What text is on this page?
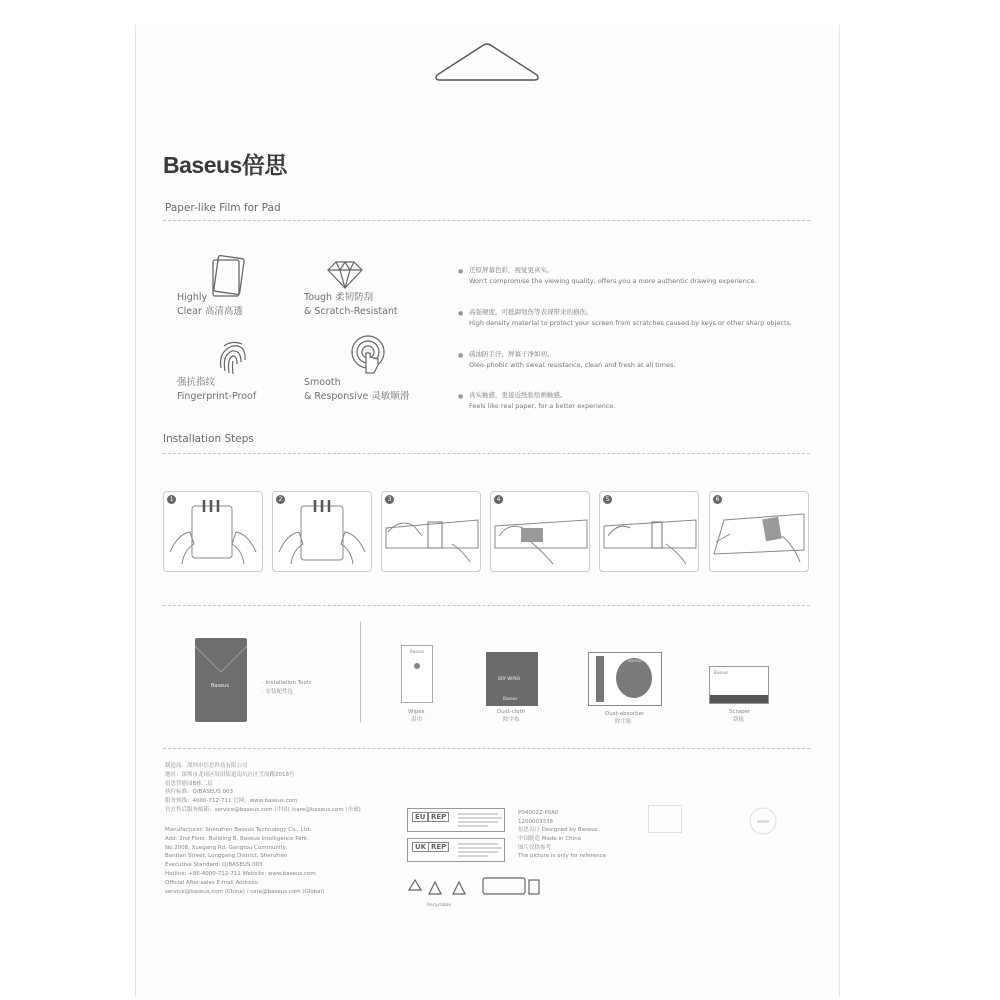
Baseus倍思
Paper-like Film for Pad
Highly
Clear 高清高透
Tough 柔韧防刮
& Scratch-Resistant
强抗指纹
Fingerprint-Proof
Smooth
& Responsive 灵敏顺滑
● 还原屏幕色彩，视觉更真实。
Won't compromise the viewing quality, offers you a more authentic drawing experience.
● 高强硬度，可抵御划伤等表现带来的损伤。
High density material to protect your screen from scratches caused by keys or other sharp objects.
● 疏油防手汗，屏幕干净如初。
Oleo-phobic with sweat resistance, clean and fresh at all times.
● 真实触感，更接近纸张绘画触感。
Feels like real paper, for a better experience.
Installation Steps
1	2	3	4	5	6
Baseus	· Installation Tools
· 安装配件包
Baseus
Wipes
湿巾
DRY WIPER
Baseus
Dust-cloth
除尘布
Baseus
Dust-absorber
除尘贴
Baseus
Scraper
刮板
制造商：深圳市倍思科技有限公司
地址：深圳市龙岗区坂田街道南坑社区雪岗路2018号
倍思智能园B栋二层
执行标准：Q/BASEUS 003
服务热线：4000-712-711 官网：www.baseus.com
官方售后服务邮箱：service@baseus.com (中国) /care@baseus.com (全球)
Manufacturer: Shenzhen Baseus Technology Co., Ltd.
Add: 2nd Floor, Building B, Baseus Intelligence Park,
No.2008, Xuegang Rd, Gangtou Community,
Bantian Street, Longgang District, Shenzhen
Executive Standard: Q/BASEUS 003
Hotline: +86-4000-712-711 Website: www.baseus.com
Official After-sales E-mail Address:
service@baseus.com (China) / care@baseus.com (Global)
EU REP
UK REP
P04002Z-P0A0
1200003338
倍思设计 Designed by Baseus
中国制造 Made in China
图片仅供参考
The picture is only for reference
Recyclable
